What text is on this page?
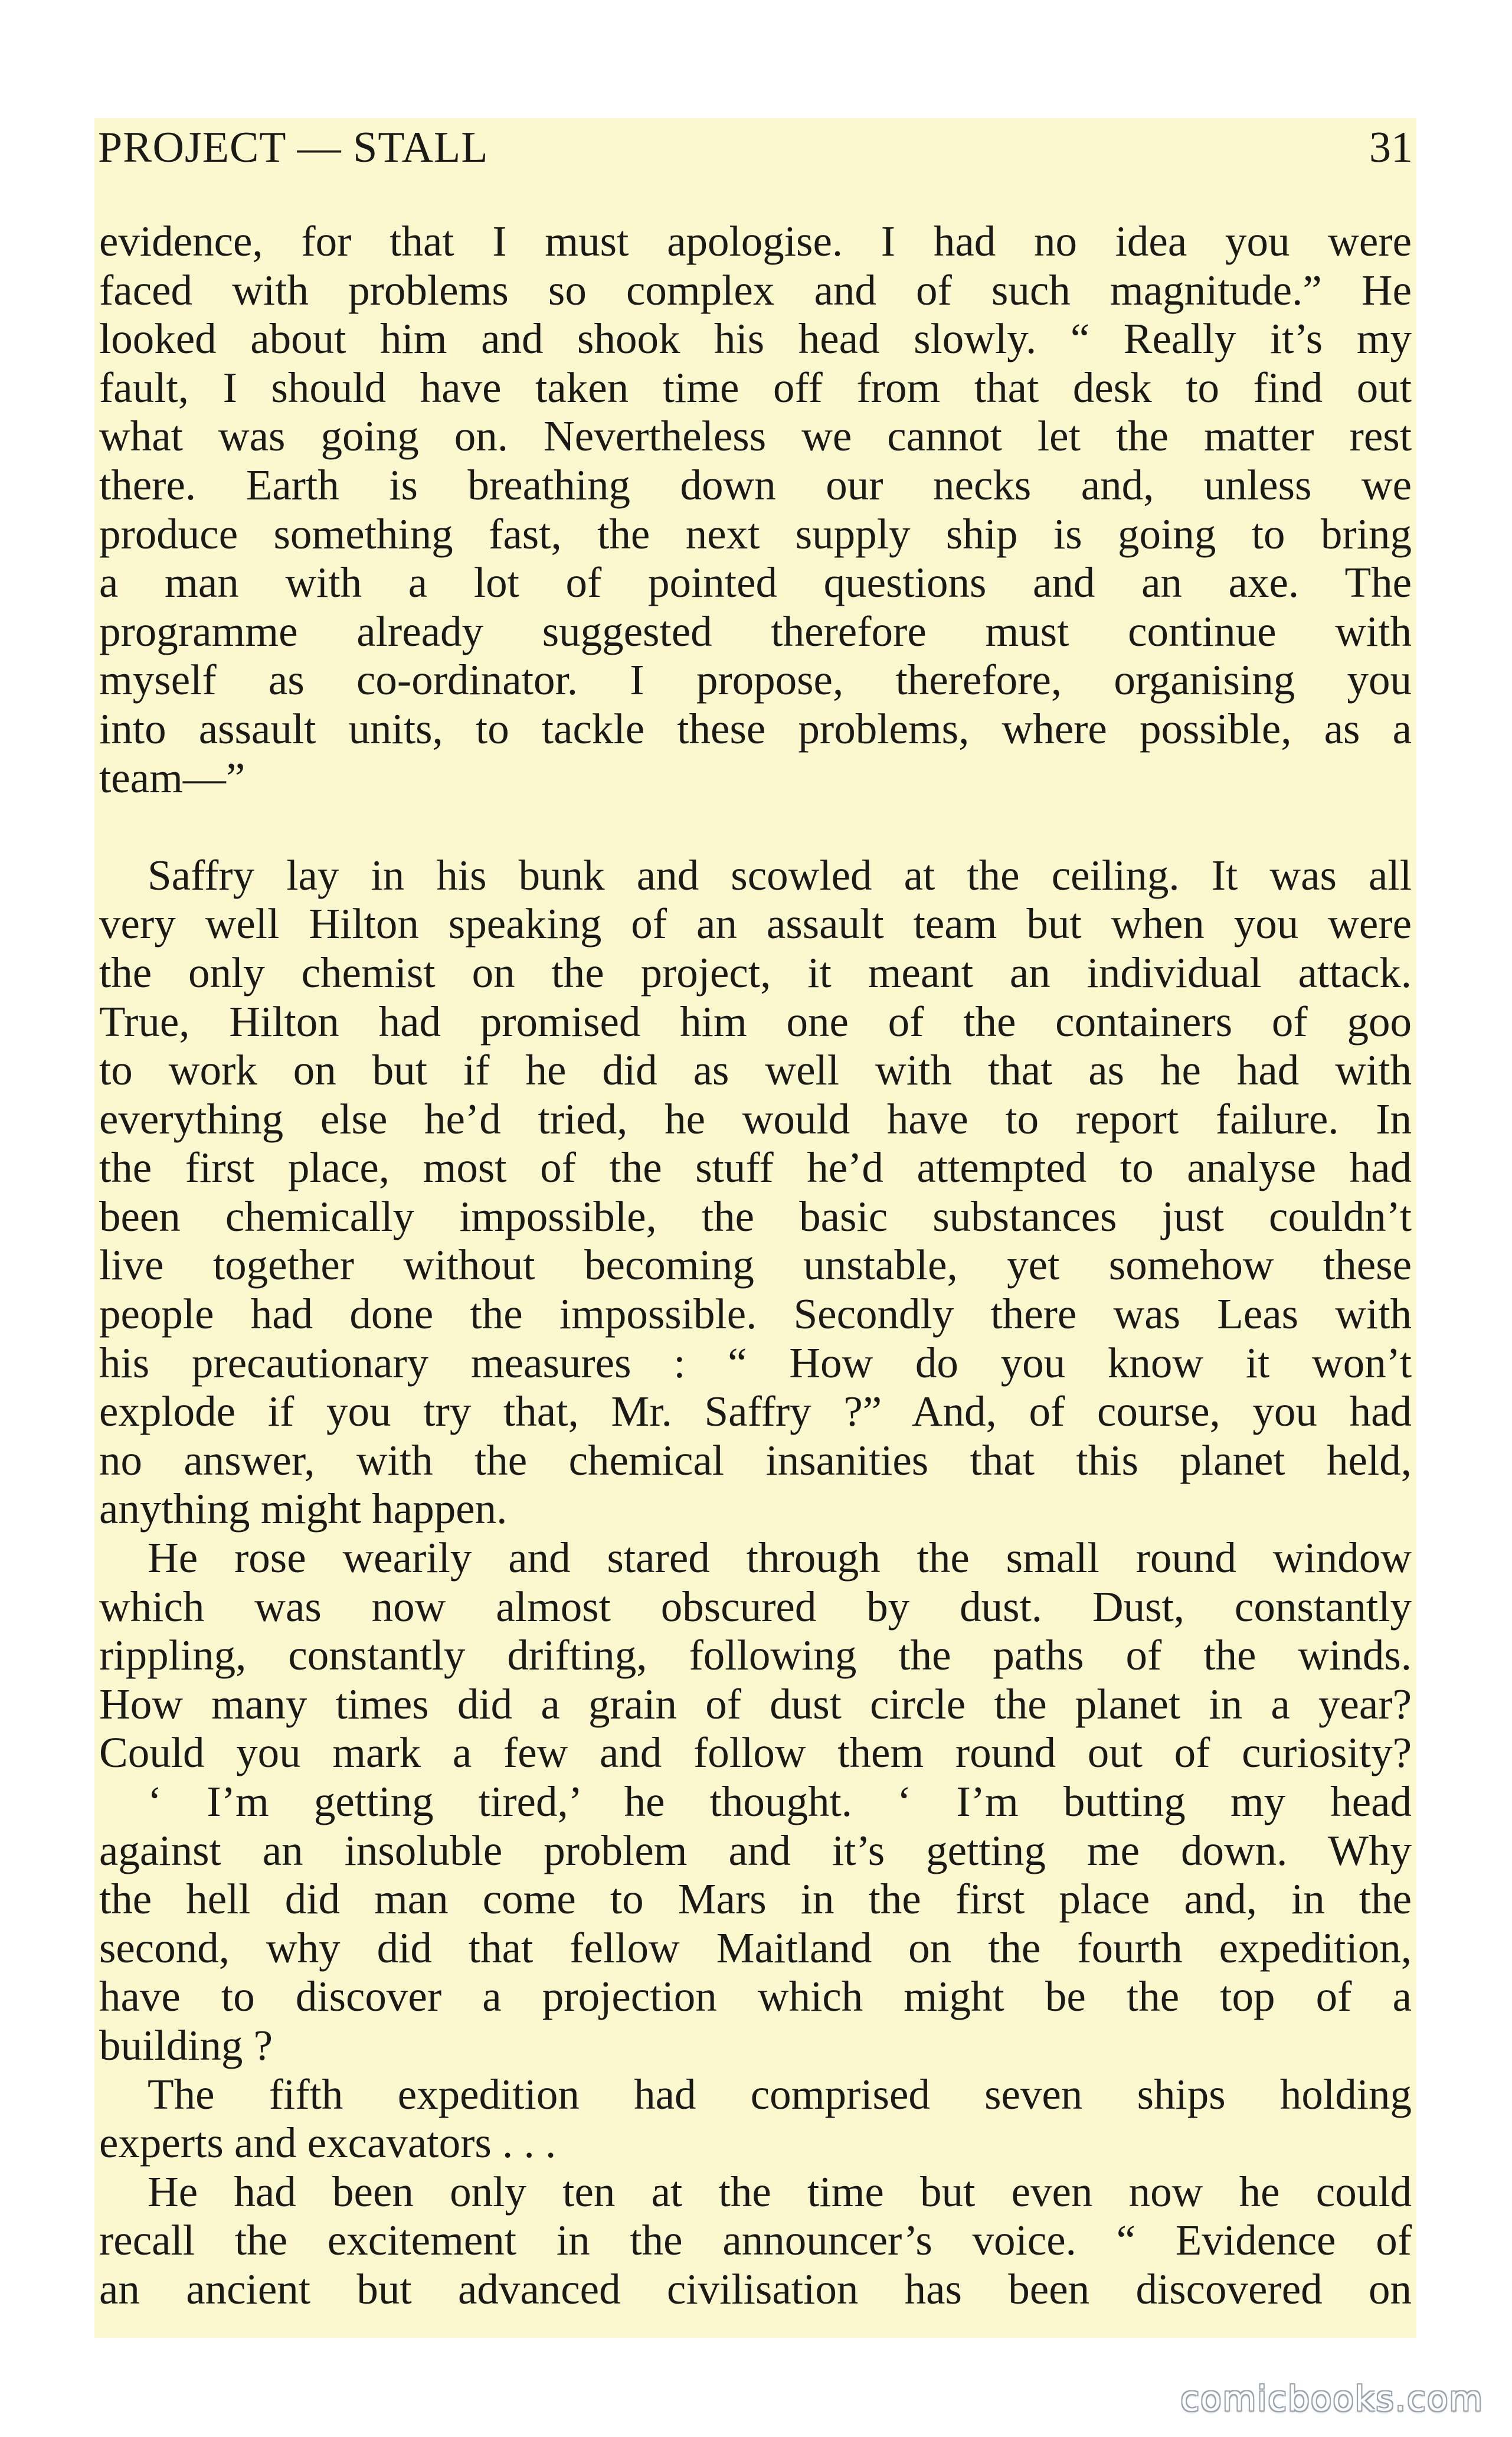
PROJECT — STALL	31
evidence, for that I must apologise. I had no idea you were
faced with problems so complex and of such magnitude.” He
looked about him and shook his head slowly. “ Really it’s my
fault, I should have taken time off from that desk to find out
what was going on. Nevertheless we cannot let the matter rest
there. Earth is breathing down our necks and, unless we
produce something fast, the next supply ship is going to bring
a man with a lot of pointed questions and an axe. The
programme already suggested therefore must continue with
myself as co-ordinator. I propose, therefore, organising you
into assault units, to tackle these problems, where possible, as a
team—”
Saffry lay in his bunk and scowled at the ceiling. It was all
very well Hilton speaking of an assault team but when you were
the only chemist on the project, it meant an individual attack.
True, Hilton had promised him one of the containers of goo
to work on but if he did as well with that as he had with
everything else he’d tried, he would have to report failure. In
the first place, most of the stuff he’d attempted to analyse had
been chemically impossible, the basic substances just couldn’t
live together without becoming unstable, yet somehow these
people had done the impossible. Secondly there was Leas with
his precautionary measures : “ How do you know it won’t
explode if you try that, Mr. Saffry ?” And, of course, you had
no answer, with the chemical insanities that this planet held,
anything might happen.
He rose wearily and stared through the small round window
which was now almost obscured by dust. Dust, constantly
rippling, constantly drifting, following the paths of the winds.
How many times did a grain of dust circle the planet in a year?
Could you mark a few and follow them round out of curiosity?
‘ I’m getting tired,’ he thought. ‘ I’m butting my head
against an insoluble problem and it’s getting me down. Why
the hell did man come to Mars in the first place and, in the
second, why did that fellow Maitland on the fourth expedition,
have to discover a projection which might be the top of a
building ?
The fifth expedition had comprised seven ships holding
experts and excavators . . .
He had been only ten at the time but even now he could
recall the excitement in the announcer’s voice. “ Evidence of
an ancient but advanced civilisation has been discovered on
comicbooks.com
